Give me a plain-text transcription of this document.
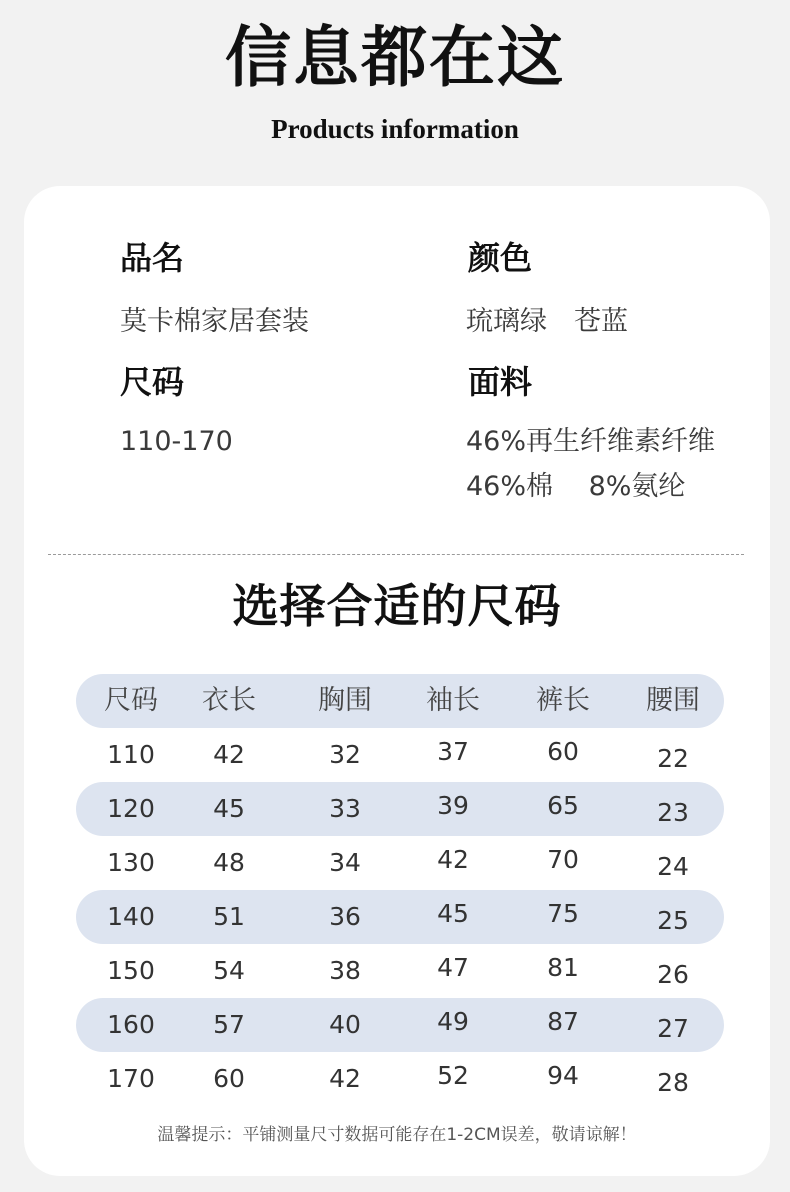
信息都在这
Products information
品名
莫卡棉家居套装
颜色
琉璃绿　苍蓝
尺码
110-170
面料
46%再生纤维素纤维
46%棉　 8%氨纶
选择合适的尺码
尺码	衣长	胸围	袖长	裤长	腰围
110	42	32	37	60	22
120	45	33	39	65	23
130	48	34	42	70	24
140	51	36	45	75	25
150	54	38	47	81	26
160	57	40	49	87	27
170	60	42	52	94	28
温馨提示：平铺测量尺寸数据可能存在1-2CM误差，敬请谅解！
